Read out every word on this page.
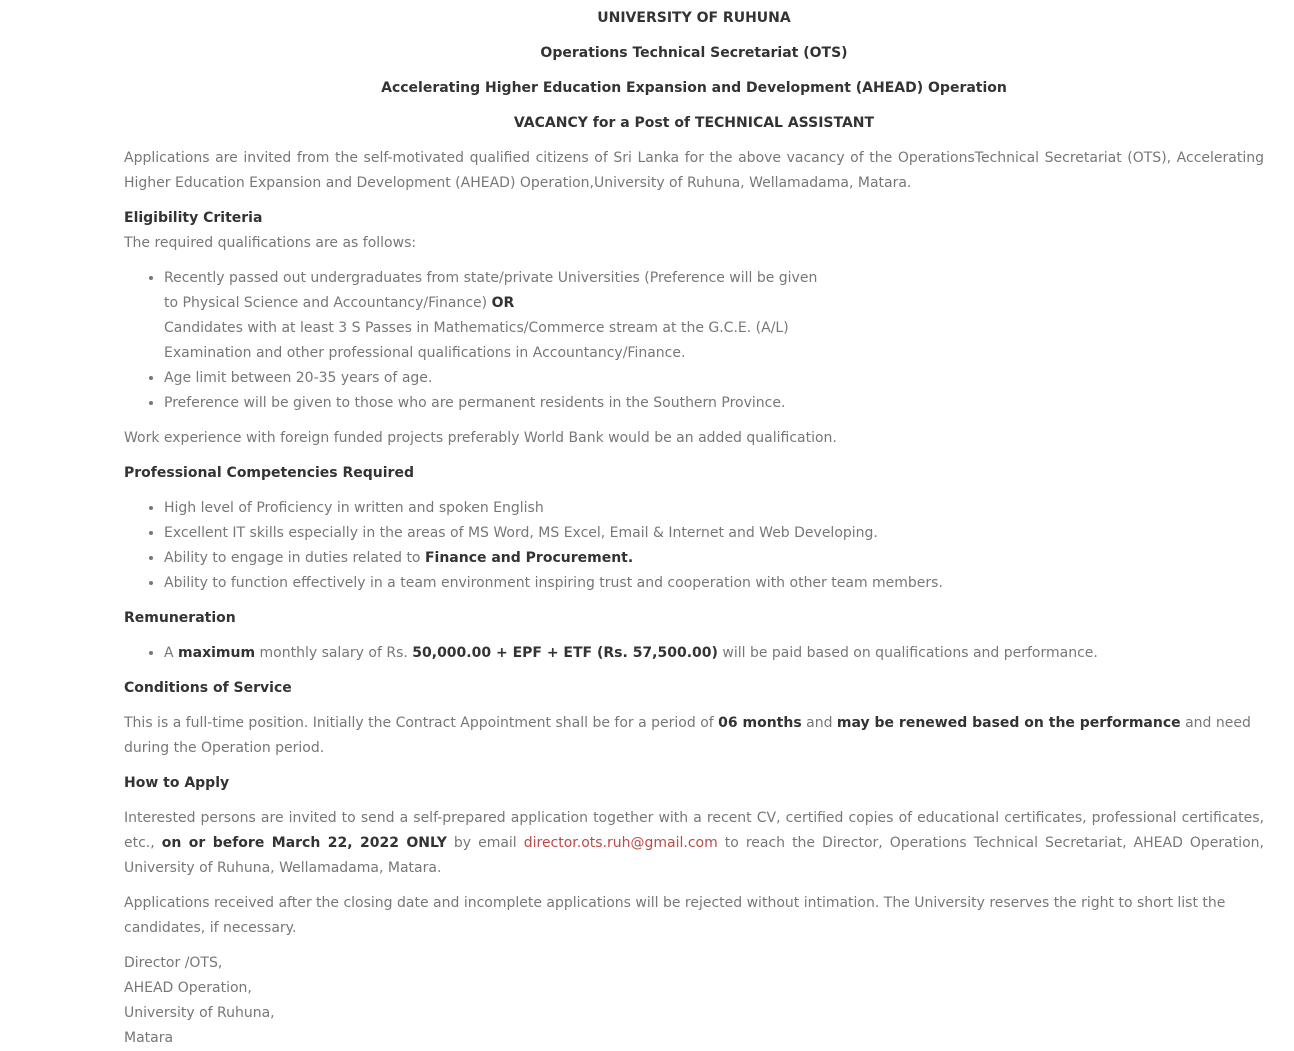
UNIVERSITY OF RUHUNA

Operations Technical Secretariat (OTS)

Accelerating Higher Education Expansion and Development (AHEAD) Operation

VACANCY for a Post of TECHNICAL ASSISTANT

Applications are invited from the self-motivated qualified citizens of Sri Lanka for the above vacancy of the OperationsTechnical Secretariat (OTS), Accelerating Higher Education Expansion and Development (AHEAD) Operation,University of Ruhuna, Wellamadama, Matara.

Eligibility Criteria

The required qualifications are as follows:

• Recently passed out undergraduates from state/private Universities (Preference will be given to Physical Science and Accountancy/Finance) OR
Candidates with at least 3 S Passes in Mathematics/Commerce stream at the G.C.E. (A/L) Examination and other professional qualifications in Accountancy/Finance.
• Age limit between 20-35 years of age.
• Preference will be given to those who are permanent residents in the Southern Province.

Work experience with foreign funded projects preferably World Bank would be an added qualification.

Professional Competencies Required

• High level of Proficiency in written and spoken English
• Excellent IT skills especially in the areas of MS Word, MS Excel, Email & Internet and Web Developing.
• Ability to engage in duties related to Finance and Procurement.
• Ability to function effectively in a team environment inspiring trust and cooperation with other team members.

Remuneration

• A maximum monthly salary of Rs. 50,000.00 + EPF + ETF (Rs. 57,500.00) will be paid based on qualifications and performance.

Conditions of Service

This is a full-time position. Initially the Contract Appointment shall be for a period of 06 months and may be renewed based on the performance and need during the Operation period.

How to Apply

Interested persons are invited to send a self-prepared application together with a recent CV, certified copies of educational certificates, professional certificates, etc., on or before March 22, 2022 ONLY by email director.ots.ruh@gmail.com to reach the Director, Operations Technical Secretariat, AHEAD Operation, University of Ruhuna, Wellamadama, Matara.

Applications received after the closing date and incomplete applications will be rejected without intimation. The University reserves the right to short list the candidates, if necessary.

Director /OTS,

AHEAD Operation,

University of Ruhuna,

Matara
